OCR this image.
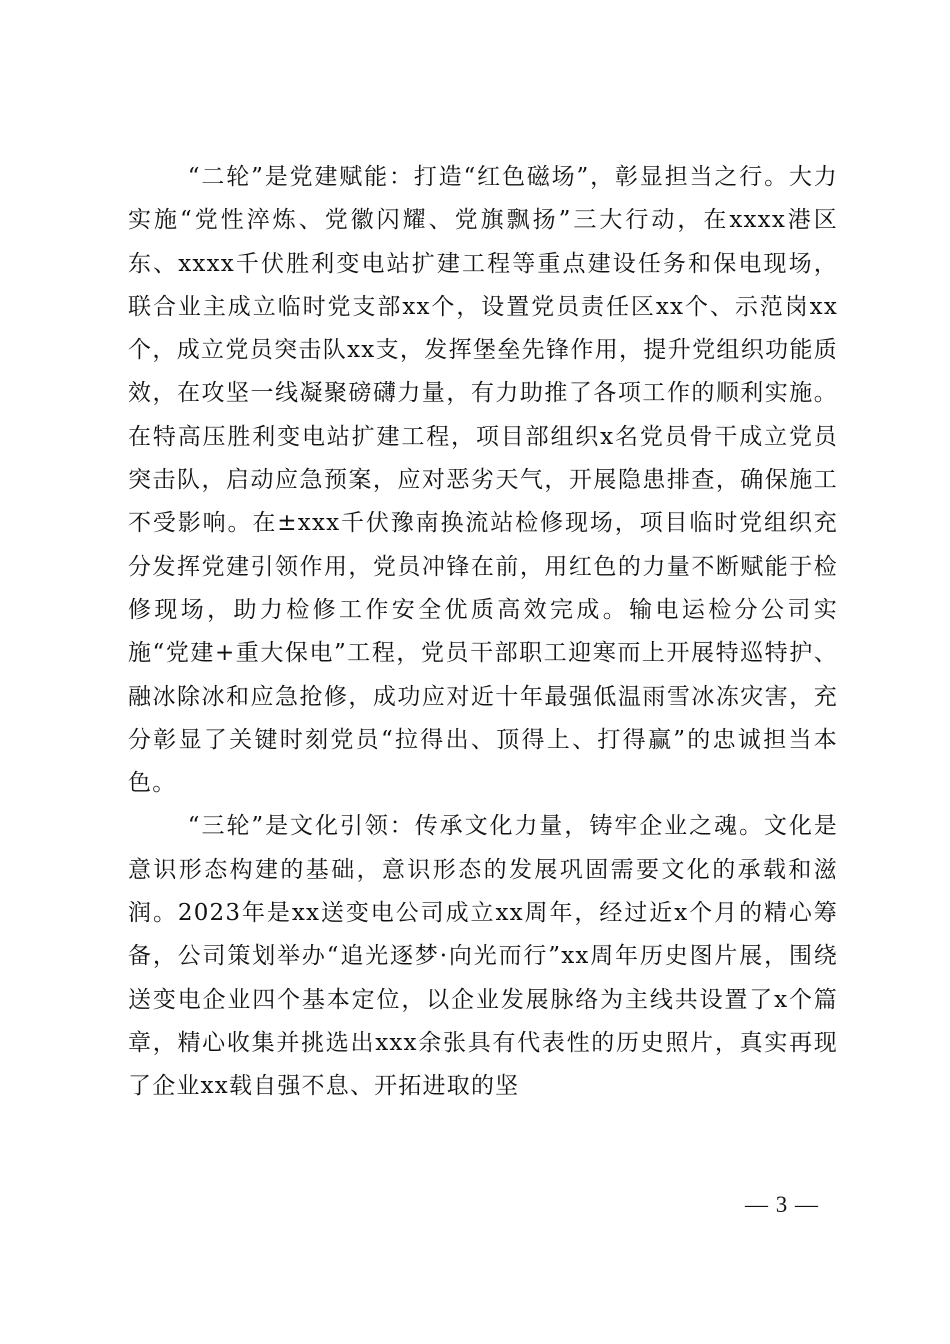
“二轮”是党建赋能：打造“红色磁场”，彰显担当之行。大力实施“党性淬炼、党徽闪耀、党旗飘扬”三大行动，在xxxx港区东、xxxx千伏胜利变电站扩建工程等重点建设任务和保电现场，联合业主成立临时党支部xx个，设置党员责任区xx个、示范岗xx个，成立党员突击队xx支，发挥堡垒先锋作用，提升党组织功能质效，在攻坚一线凝聚磅礴力量，有力助推了各项工作的顺利实施。在特高压胜利变电站扩建工程，项目部组织x名党员骨干成立党员突击队，启动应急预案，应对恶劣天气，开展隐患排查，确保施工不受影响。在±xxx千伏豫南换流站检修现场，项目临时党组织充分发挥党建引领作用，党员冲锋在前，用红色的力量不断赋能于检修现场，助力检修工作安全优质高效完成。输电运检分公司实施“党建+重大保电”工程，党员干部职工迎寒而上开展特巡特护、融冰除冰和应急抢修，成功应对近十年最强低温雨雪冰冻灾害，充分彰显了关键时刻党员“拉得出、顶得上、打得赢”的忠诚担当本色。

“三轮”是文化引领：传承文化力量，铸牢企业之魂。文化是意识形态构建的基础，意识形态的发展巩固需要文化的承载和滋润。2023年是xx送变电公司成立xx周年，经过近x个月的精心筹备，公司策划举办“追光逐梦·向光而行”xx周年历史图片展，围绕送变电企业四个基本定位，以企业发展脉络为主线共设置了x个篇章，精心收集并挑选出xxx余张具有代表性的历史照片，真实再现了企业xx载自强不息、开拓进取的坚

— 3 —
